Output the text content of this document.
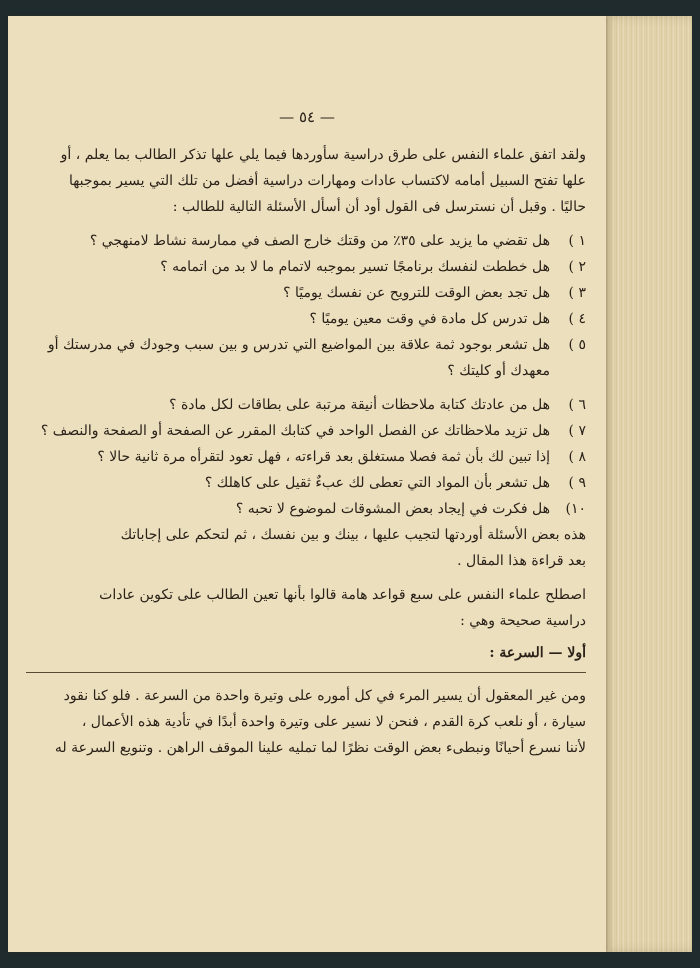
— ٥٤ —

ولقد اتفق علماء النفس على طرق دراسية سأوردها فيما يلي علها تذكر الطالب بما يعلم ، أو

علها تفتح السبيل أمامه لاكتساب عادات ومهارات دراسية أفضل من تلك التي يسير بموجبها

حاليًا . وقبل أن نسترسل فى القول أود أن أسأل الأسئلة التالية للطالب :

١ )
هل تقضي ما يزيد على ٣٥٪ من وقتك خارج الصف في ممارسة نشاط لامنهجي ؟
٢ )
هل خططت لنفسك برنامجًا تسير بموجبه لاتمام ما لا بد من اتمامه ؟
٣ )
هل تجد بعض الوقت للترويح عن نفسك يوميًا ؟
٤ )
هل تدرس كل مادة في وقت معين يوميًا ؟
٥ )
هل تشعر بوجود ثمة علاقة بين المواضيع التي تدرس و بين سبب وجودك في مدرستك أو

معهدك أو كليتك ؟

٦ )
هل من عادتك كتابة ملاحظات أنيقة مرتبة على بطاقات لكل مادة ؟
٧ )
هل تزيد ملاحظاتك عن الفصل الواحد في كتابك المقرر عن الصفحة أو الصفحة والنصف ؟
٨ )
إذا تبين لك بأن ثمة فصلا مستغلق بعد قراءته ، فهل تعود لتقرأه مرة ثانية حالا ؟
٩ )
هل تشعر بأن المواد التي تعطى لك عبءٌ ثقيل على كاهلك ؟
١٠)
هل فكرت في إيجاد بعض المشوقات لموضوع لا تحبه ؟

هذه بعض الأسئلة أوردتها لتجيب عليها ، بينك و بين نفسك ، ثم لتحكم على إجاباتك

بعد قراءة هذا المقال .

اصطلح علماء النفس على سبع قواعد هامة قالوا بأنها تعين الطالب على تكوين عادات

دراسية صحيحة وهي :

أولا — السرعة :

ومن غير المعقول أن يسير المرء في كل أموره على وتيرة واحدة من السرعة . فلو كنا نقود

سيارة ، أو نلعب كرة القدم ، فنحن لا نسير على وتيرة واحدة أبدًا في تأدية هذه الأعمال ،

لأننا نسرع أحيانًا ونبطىء بعض الوقت نظرًا لما تمليه علينا الموقف الراهن . وتنويع السرعة له
